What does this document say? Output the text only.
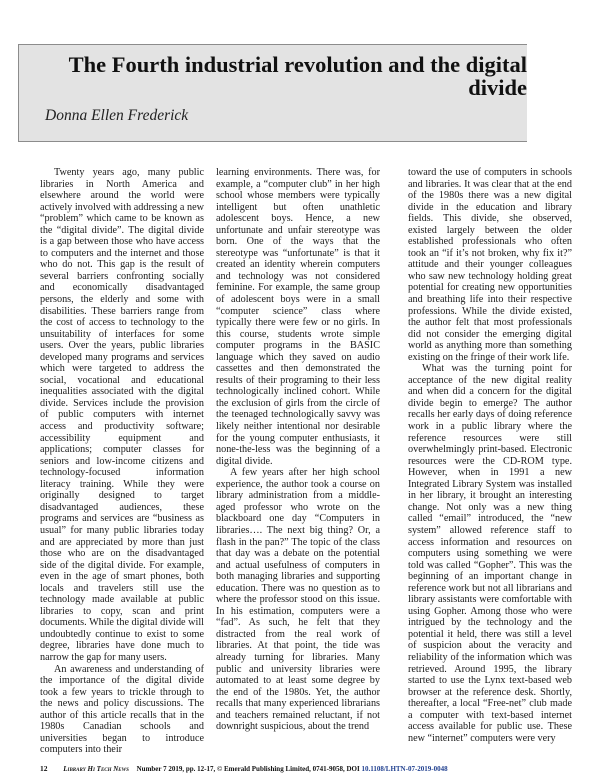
The Fourth industrial revolution and the digital divide

Donna Ellen Frederick

Twenty years ago, many public libraries in North America and elsewhere around the world were actively involved with addressing a new “problem” which came to be known as the “digital divide”. The digital divide is a gap between those who have access to computers and the internet and those who do not. This gap is the result of several barriers confronting socially and economically disadvantaged persons, the elderly and some with disabilities. These barriers range from the cost of access to technology to the unsuitability of interfaces for some users. Over the years, public libraries developed many programs and services which were targeted to address the social, vocational and educational inequalities associated with the digital divide. Services include the provision of public computers with internet access and productivity software; accessibility equipment and applications; computer classes for seniors and low-income citizens and technology-focused information literacy training. While they were originally designed to target disadvantaged audiences, these programs and services are “business as usual” for many public libraries today and are appreciated by more than just those who are on the disadvantaged side of the digital divide. For example, even in the age of smart phones, both locals and travelers still use the technology made available at public libraries to copy, scan and print documents. While the digital divide will undoubtedly continue to exist to some degree, libraries have done much to narrow the gap for many users.

An awareness and understanding of the importance of the digital divide took a few years to trickle through to the news and policy discussions. The author of this article recalls that in the 1980s Canadian schools and universities began to introduce computers into their

learning environments. There was, for example, a “computer club” in her high school whose members were typically intelligent but often unathletic adolescent boys. Hence, a new unfortunate and unfair stereotype was born. One of the ways that the stereotype was “unfortunate” is that it created an identity wherein computers and technology was not considered feminine. For example, the same group of adolescent boys were in a small “computer science” class where typically there were few or no girls. In this course, students wrote simple computer programs in the BASIC language which they saved on audio cassettes and then demonstrated the results of their programing to their less technologically inclined cohort. While the exclusion of girls from the circle of the teenaged technologically savvy was likely neither intentional nor desirable for the young computer enthusiasts, it none-the-less was the beginning of a digital divide.

A few years after her high school experience, the author took a course on library administration from a middle-aged professor who wrote on the blackboard one day “Computers in libraries…. The next big thing? Or, a flash in the pan?” The topic of the class that day was a debate on the potential and actual usefulness of computers in both managing libraries and supporting education. There was no question as to where the professor stood on this issue. In his estimation, computers were a “fad”. As such, he felt that they distracted from the real work of libraries. At that point, the tide was already turning for libraries. Many public and university libraries were automated to at least some degree by the end of the 1980s. Yet, the author recalls that many experienced librarians and teachers remained reluctant, if not downright suspicious, about the trend

toward the use of computers in schools and libraries. It was clear that at the end of the 1980s there was a new digital divide in the education and library fields. This divide, she observed, existed largely between the older established professionals who often took an “if it’s not broken, why fix it?” attitude and their younger colleagues who saw new technology holding great potential for creating new opportunities and breathing life into their respective professions. While the divide existed, the author felt that most professionals did not consider the emerging digital world as anything more than something existing on the fringe of their work life.

What was the turning point for acceptance of the new digital reality and when did a concern for the digital divide begin to emerge? The author recalls her early days of doing reference work in a public library where the reference resources were still overwhelmingly print-based. Electronic resources were the CD-ROM type. However, when in 1991 a new Integrated Library System was installed in her library, it brought an interesting change. Not only was a new thing called “email” introduced, the “new system” allowed reference staff to access information and resources on computers using something we were told was called “Gopher”. This was the beginning of an important change in reference work but not all librarians and library assistants were comfortable with using Gopher. Among those who were intrigued by the technology and the potential it held, there was still a level of suspicion about the veracity and reliability of the information which was retrieved. Around 1995, the library started to use the Lynx text-based web browser at the reference desk. Shortly, thereafter, a local “Free-net” club made a computer with text-based internet access available for public use. These new “internet” computers were very

12 Library Hi Tech News Number 7 2019, pp. 12-17, © Emerald Publishing Limited, 0741-9058, DOI 10.1108/LHTN-07-2019-0048
